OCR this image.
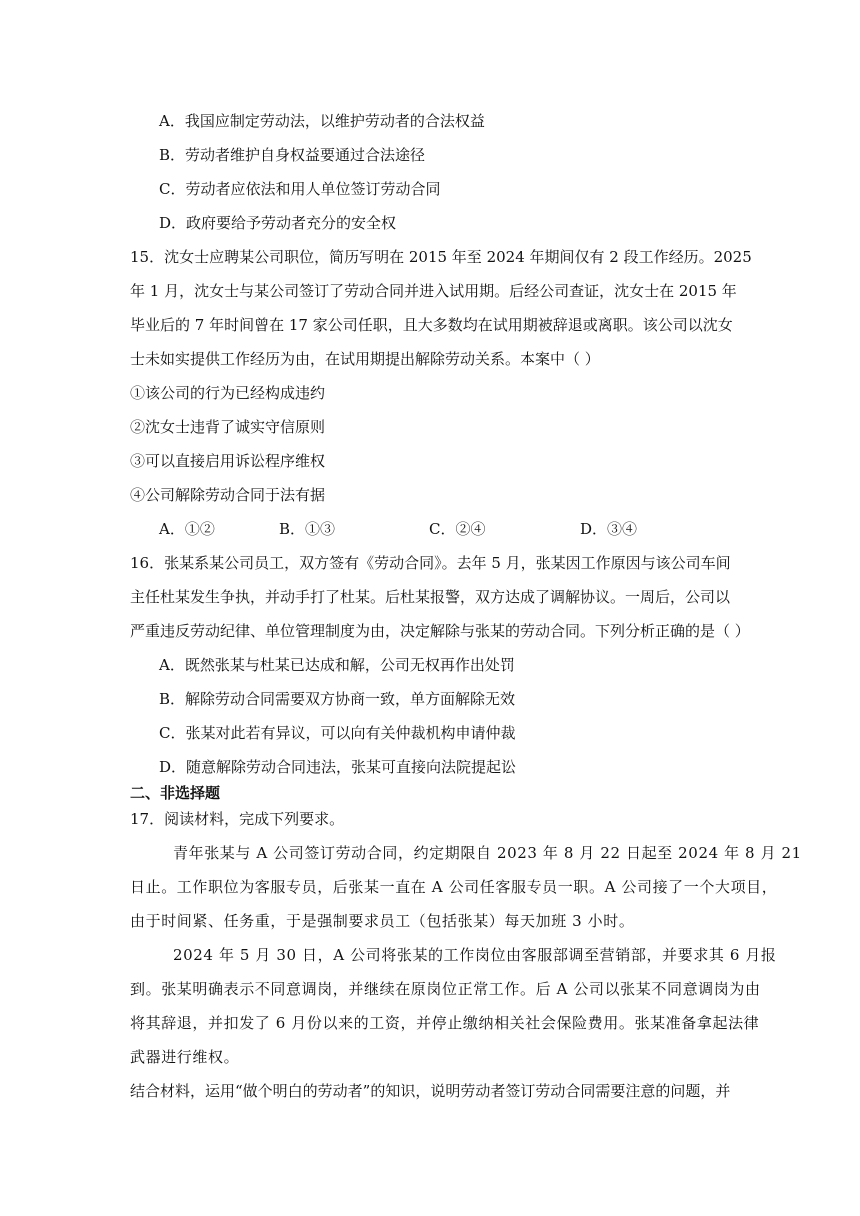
A．我国应制定劳动法，以维护劳动者的合法权益
B．劳动者维护自身权益要通过合法途径
C．劳动者应依法和用人单位签订劳动合同
D．政府要给予劳动者充分的安全权
15．沈女士应聘某公司职位，简历写明在 2015 年至 2024 年期间仅有 2 段工作经历。2025
年 1 月，沈女士与某公司签订了劳动合同并进入试用期。后经公司查证，沈女士在 2015 年
毕业后的 7 年时间曾在 17 家公司任职，且大多数均在试用期被辞退或离职。该公司以沈女
士未如实提供工作经历为由，在试用期提出解除劳动关系。本案中（ ）
①该公司的行为已经构成违约
②沈女士违背了诚实守信原则
③可以直接启用诉讼程序维权
④公司解除劳动合同于法有据
A．①②	B．①③	C．②④	D．③④
16．张某系某公司员工，双方签有《劳动合同》。去年 5 月，张某因工作原因与该公司车间
主任杜某发生争执，并动手打了杜某。后杜某报警，双方达成了调解协议。一周后，公司以
严重违反劳动纪律、单位管理制度为由，决定解除与张某的劳动合同。下列分析正确的是（ ）
A．既然张某与杜某已达成和解，公司无权再作出处罚
B．解除劳动合同需要双方协商一致，单方面解除无效
C．张某对此若有异议，可以向有关仲裁机构申请仲裁
D．随意解除劳动合同违法，张某可直接向法院提起讼
二、非选择题
17．阅读材料，完成下列要求。
青年张某与 A 公司签订劳动合同，约定期限自 2023 年 8 月 22 日起至 2024 年 8 月 21
日止。工作职位为客服专员，后张某一直在 A 公司任客服专员一职。A 公司接了一个大项目，
由于时间紧、任务重，于是强制要求员工（包括张某）每天加班 3 小时。
2024 年 5 月 30 日，A 公司将张某的工作岗位由客服部调至营销部，并要求其 6 月报
到。张某明确表示不同意调岗，并继续在原岗位正常工作。后 A 公司以张某不同意调岗为由
将其辞退，并扣发了 6 月份以来的工资，并停止缴纳相关社会保险费用。张某准备拿起法律
武器进行维权。
结合材料，运用“做个明白的劳动者”的知识，说明劳动者签订劳动合同需要注意的问题，并
